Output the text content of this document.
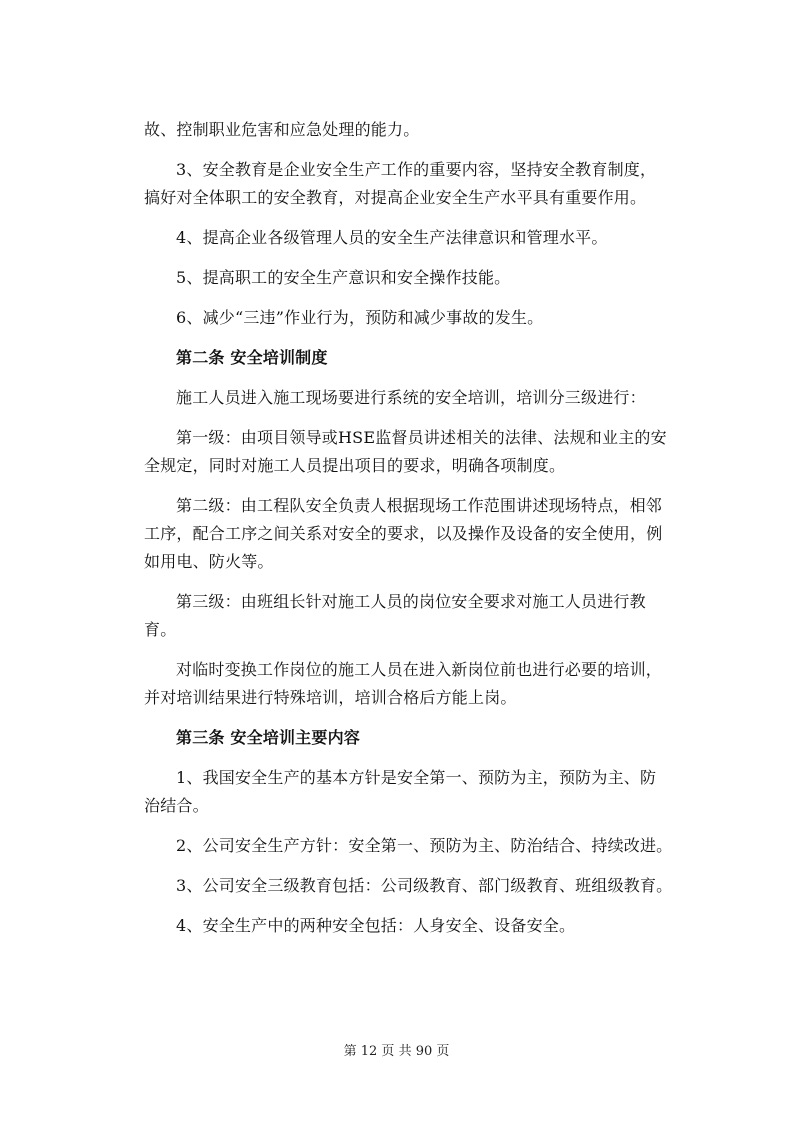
故、控制职业危害和应急处理的能力。
3、安全教育是企业安全生产工作的重要内容，坚持安全教育制度，
搞好对全体职工的安全教育，对提高企业安全生产水平具有重要作用。
4、提高企业各级管理人员的安全生产法律意识和管理水平。
5、提高职工的安全生产意识和安全操作技能。
6、减少“三违”作业行为，预防和减少事故的发生。
第二条 安全培训制度
施工人员进入施工现场要进行系统的安全培训，培训分三级进行：
第一级：由项目领导或HSE监督员讲述相关的法律、法规和业主的安
全规定，同时对施工人员提出项目的要求，明确各项制度。
第二级：由工程队安全负责人根据现场工作范围讲述现场特点，相邻
工序，配合工序之间关系对安全的要求，以及操作及设备的安全使用，例
如用电、防火等。
第三级：由班组长针对施工人员的岗位安全要求对施工人员进行教
育。
对临时变换工作岗位的施工人员在进入新岗位前也进行必要的培训，
并对培训结果进行特殊培训，培训合格后方能上岗。
第三条 安全培训主要内容
1、我国安全生产的基本方针是安全第一、预防为主，预防为主、防
治结合。
2、公司安全生产方针：安全第一、预防为主、防治结合、持续改进。
3、公司安全三级教育包括：公司级教育、部门级教育、班组级教育。
4、安全生产中的两种安全包括：人身安全、设备安全。
第 12 页 共 90 页
